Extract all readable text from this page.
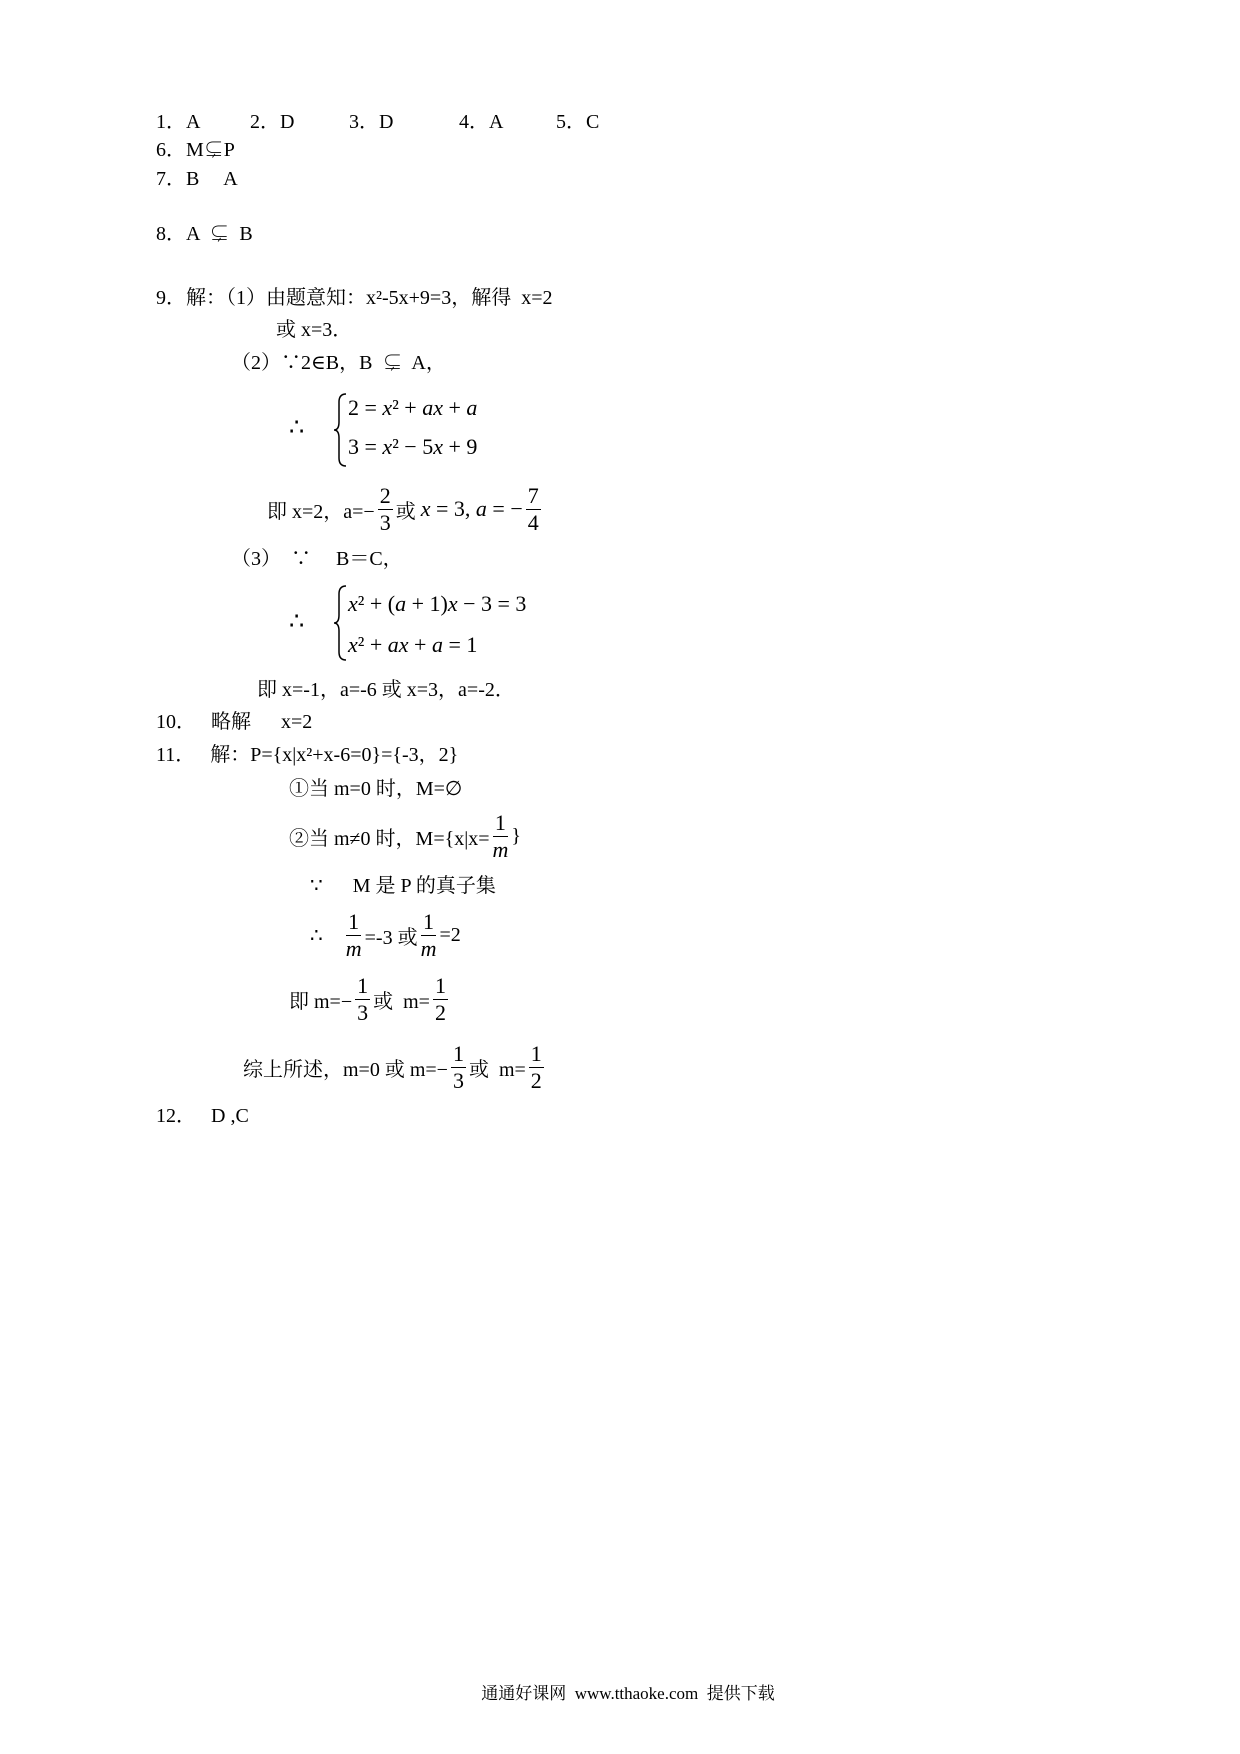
1．A 2．D	3．D	4．A	5．C
6．M⊊P
7．B     A
8．A  ⊊  B
9．解：（1）由题意知：x²-5x+9=3，解得  x=2
或 x=3．
（2）∵2∈B，B  ⊊  A，
∴
2 = x² + ax + a
3 = x² − 5x + 9
即 x=2，$a=- \frac{2}{3}$ 或 x = 3, a = − $\frac{7}{4}$
（3）  ∵     B＝C，
∴
x² + (a + 1)x − 3 = 3
x² + ax + a = 1
即 x=-1，a=-6 或 x=3，a=-2．
10．   略解      x=2
11．   解：P={x|x²+x-6=0}={-3，2}
①当 m=0 时，M=∅
②当 m≠0 时，$M=\{x|x= \frac{1}{m}$ }
∵      M 是 P 的真子集
∴ $\frac{1}{m} =-3$ 或 $\frac{1}{m} =2$
即 $m=- \frac{1}{3}$ 或  $m= \frac{1}{2}$
综上所述，m=0 或 $m=- \frac{1}{3}$ 或  $m= \frac{1}{2}$
12．   D ,C
通通好课网  www.tthaoke.com  提供下载
